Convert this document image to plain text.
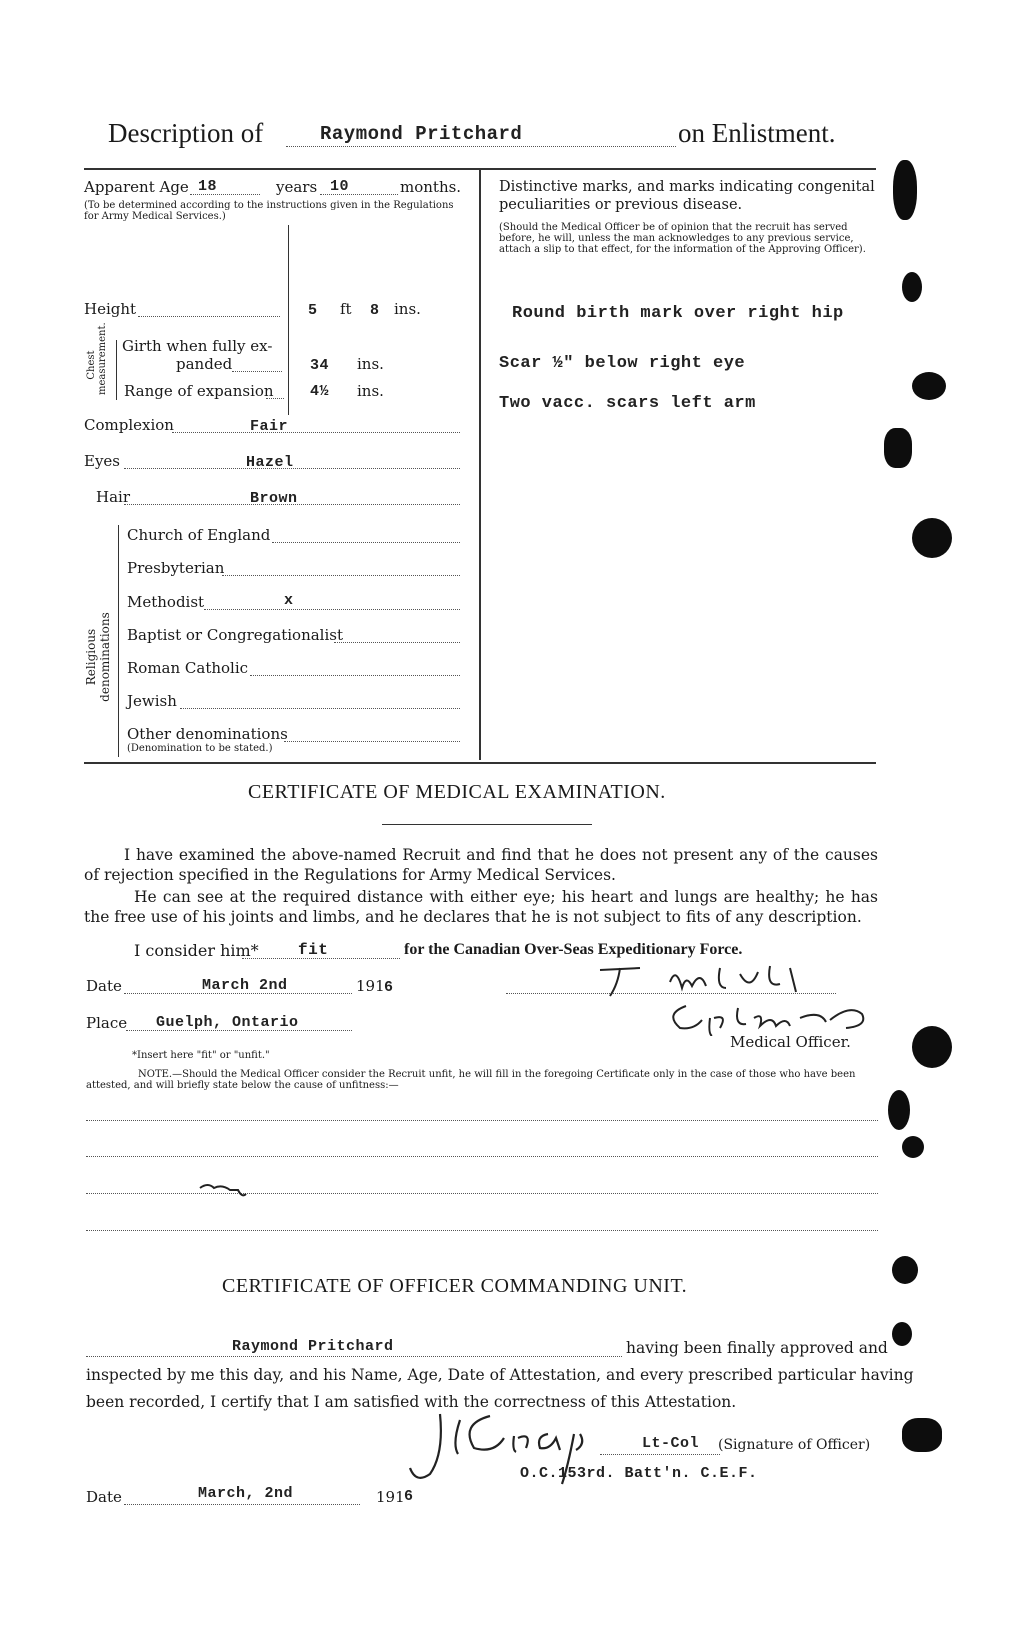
Description of	Raymond Pritchard	on Enlistment.
Apparent Age 18	years 10	months.
(To be determined according to the instructions given in the Regulations for Army Medical Services.)
Height	5 ft 8 ins.
Chest measurement. Girth when fully ex-
panded	34 ins.
Range of expansion 4½ ins.
Complexion	Fair
Eyes	Hazel
Hair	Brown
Religious denominations
Church of England
Presbyterian
Methodist	x
Baptist or Congregationalist
Roman Catholic
Jewish
Other denominations
(Denomination to be stated.)
Distinctive marks, and marks indicating congenital
peculiarities or previous disease.
(Should the Medical Officer be of opinion that the recruit has served before, he will, unless the man acknowledges to any previous service, attach a slip to that effect, for the information of the Approving Officer).
Round birth mark over right hip
Scar ½" below right eye
Two vacc. scars left arm
CERTIFICATE OF MEDICAL EXAMINATION.
I have examined the above-named Recruit and find that he does not present any of the causes of rejection specified in the Regulations for Army Medical Services.
He can see at the required distance with either eye; his heart and lungs are healthy; he has the free use of his joints and limbs, and he declares that he is not subject to fits of any description.
I consider him* fit	for the Canadian Over-Seas Expeditionary Force.
Date	March 2nd	191 6
Place Guelph, Ontario
Medical Officer.
*Insert here "fit" or "unfit."
NOTE.—Should the Medical Officer consider the Recruit unfit, he will fill in the foregoing Certificate only in the case of those who have been attested, and will briefly state below the cause of unfitness:—
CERTIFICATE OF OFFICER COMMANDING UNIT.
Raymond Pritchard	having been finally approved and
inspected by me this day, and his Name, Age, Date of Attestation, and every prescribed particular having
been recorded, I certify that I am satisfied with the correctness of this Attestation.
Lt-Col (Signature of Officer)
O.C.153rd. Batt'n. C.E.F.
Date	March, 2nd	191 6
